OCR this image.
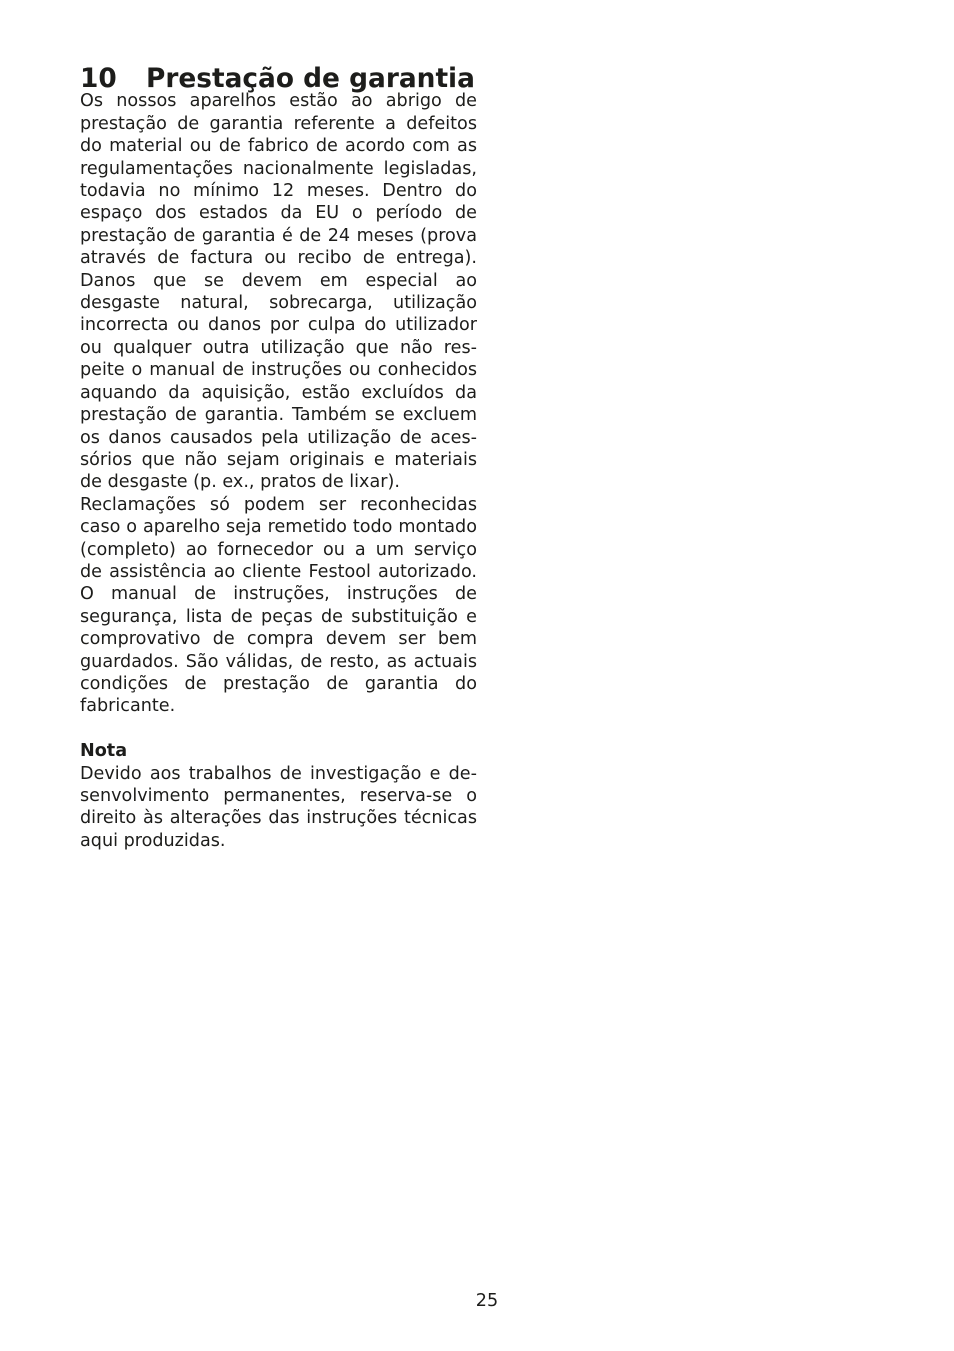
10 Prestação de garantia

Os nossos aparelhos estão ao abrigo de prestação de garantia referente a defeitos do material ou de fabrico de acordo com as regulamentações nacionalmente legisladas, todavia no mínimo 12 meses. Dentro do espaço dos estados da EU o período de prestação de garantia é de 24 meses (prova através de factura ou recibo de entrega). Danos que se devem em especial ao desgaste natural, sobrecarga, utilização incorrecta ou danos por culpa do utilizador ou qualquer outra utilização que não respeite o manual de instruções ou conhecidos aquando da aquisição, estão excluídos da prestação de garantia. Também se excluem os danos causados pela utilização de acessórios que não sejam originais e materiais de desgaste (p. ex., pratos de lixar).

Reclamações só podem ser reconhecidas caso o aparelho seja remetido todo montado (completo) ao fornecedor ou a um serviço de assistência ao cliente Festool autorizado. O manual de instruções, instruções de segurança, lista de peças de substituição e comprovativo de compra devem ser bem guardados. São válidas, de resto, as actuais condições de prestação de garantia do fabricante.

Nota

Devido aos trabalhos de investigação e desenvolvimento permanentes, reserva-se o direito às alterações das instruções técnicas aqui produzidas.

25
